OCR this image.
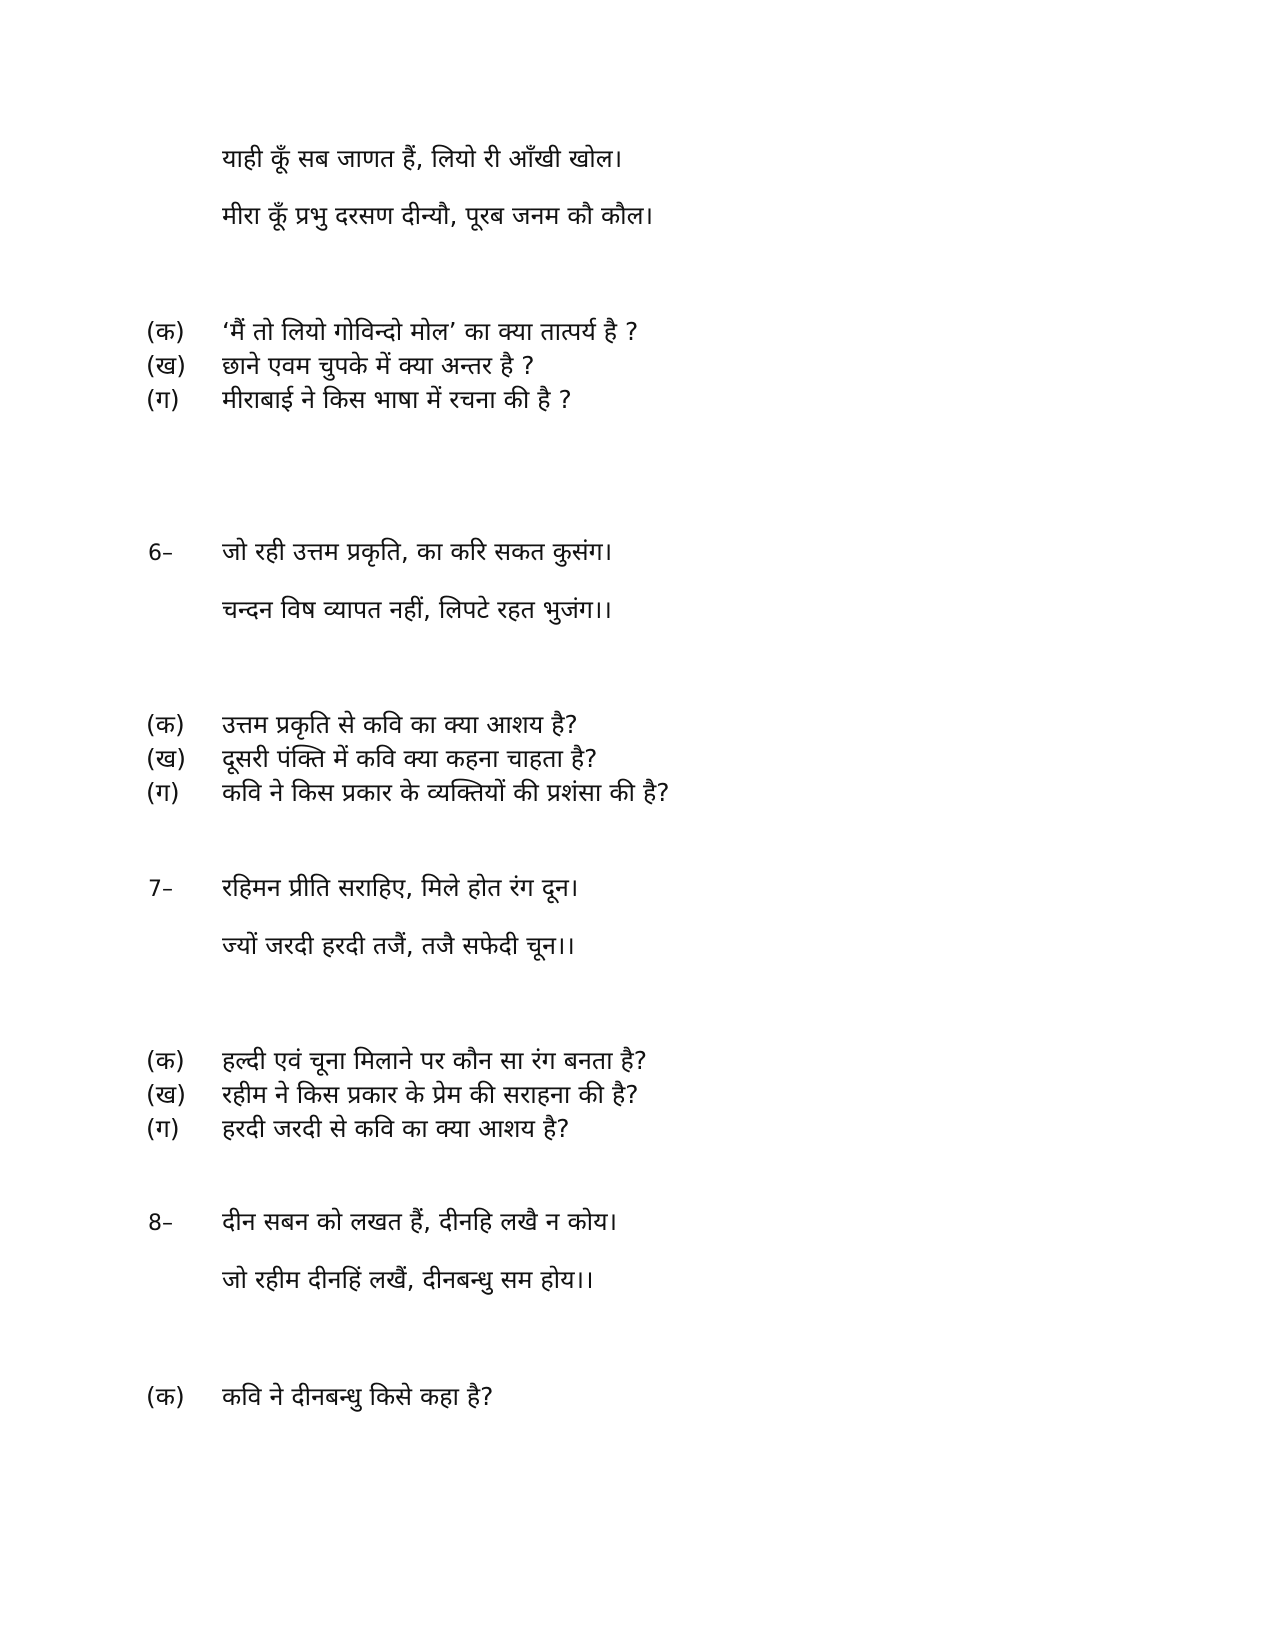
याही कूँ सब जाणत हैं, लियो री आँखी खोल।
मीरा कूँ प्रभु दरसण दीन्यौ, पूरब जनम कौ कौल।
(क) ‘मैं तो लियो गोविन्दो मोल’ का क्या तात्पर्य है ?
(ख) छाने एवम चुपके में क्या अन्तर है ?
(ग) मीराबाई ने किस भाषा में रचना की है ?
6– जो रही उत्तम प्रकृति, का करि सकत कुसंग।
चन्दन विष व्यापत नहीं, लिपटे रहत भुजंग।।
(क) उत्तम प्रकृति से कवि का क्या आशय है?
(ख) दूसरी पंक्ति में कवि क्या कहना चाहता है?
(ग) कवि ने किस प्रकार के व्यक्तियों की प्रशंसा की है?
7– रहिमन प्रीति सराहिए, मिले होत रंग दून।
ज्यों जरदी हरदी तजैं, तजै सफेदी चून।।
(क) हल्दी एवं चूना मिलाने पर कौन सा रंग बनता है?
(ख) रहीम ने किस प्रकार के प्रेम की सराहना की है?
(ग) हरदी जरदी से कवि का क्या आशय है?
8– दीन सबन को लखत हैं, दीनहि लखै न कोय।
जो रहीम दीनहिं लखैं, दीनबन्धु सम होय।।
(क) कवि ने दीनबन्धु किसे कहा है?
